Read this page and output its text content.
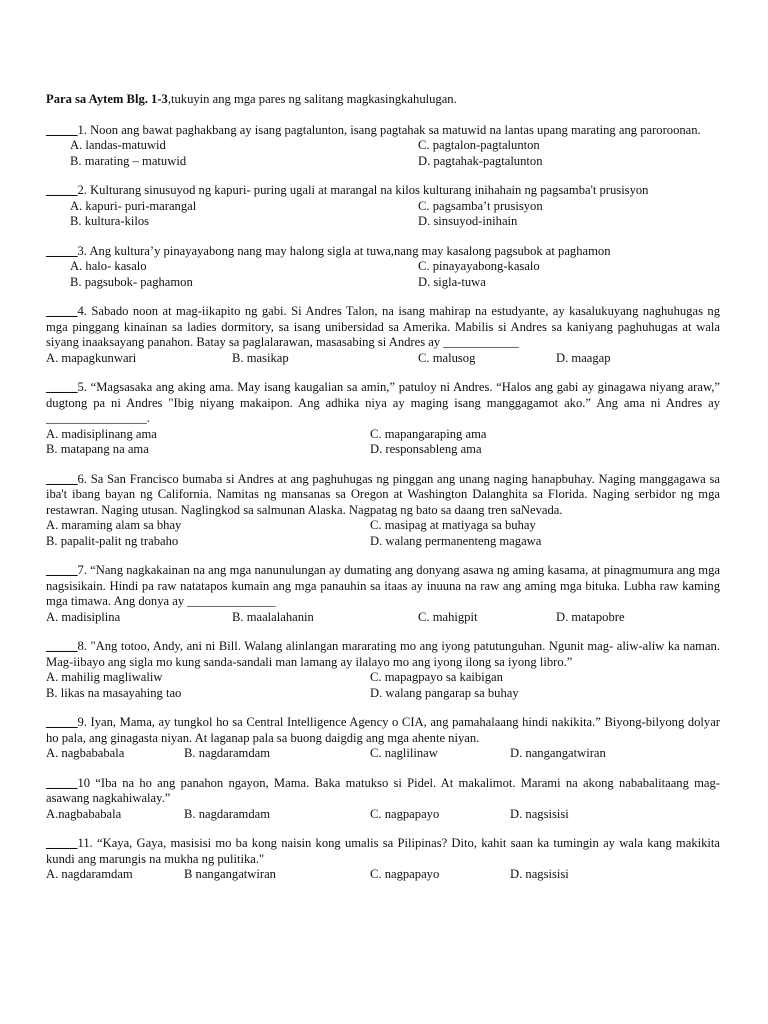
Para sa Aytem Blg. 1-3,tukuyin ang mga pares ng salitang magkasingkahulugan.

_____1. Noon ang bawat paghakbang ay isang pagtalunton, isang pagtahak sa matuwid na lantas upang marating ang paroroonan.
A. landas-matuwid	C. pagtalon-pagtalunton
B. marating – matuwid	D. pagtahak-pagtalunton
_____2. Kulturang sinusuyod ng kapuri- puring ugali at marangal na kilos kulturang inihahain ng pagsamba't prusisyon
A. kapuri- puri-marangal	C. pagsamba’t prusisyon
B. kultura-kilos	D. sinsuyod-inihain
_____3. Ang kultura’y pinayayabong nang may halong sigla at tuwa,nang may kasalong pagsubok at paghamon
A. halo- kasalo	C. pinayayabong-kasalo
B. pagsubok- paghamon	D. sigla-tuwa
_____4. Sabado noon at mag-iikapito ng gabi. Si Andres Talon, na isang mahirap na estudyante, ay kasalukuyang naghuhugas ng mga pinggang kinainan sa ladies dormitory, sa isang unibersidad sa Amerika. Mabilis si Andres sa kaniyang paghuhugas at wala siyang inaaksayang panahon. Batay sa paglalarawan, masasabing si Andres ay ____________
A. mapagkunwari	B. masikap	C. malusog	D. maagap
_____5. “Magsasaka ang aking ama. May isang kaugalian sa amin,” patuloy ni Andres. “Halos ang gabi ay ginagawa niyang araw,” dugtong pa ni Andres "Ibig niyang makaipon. Ang adhika niya ay maging isang manggagamot ako.” Ang ama ni Andres ay ________________.
A. madisiplinang ama	C. mapangaraping ama
B. matapang na ama	D. responsableng ama
_____6. Sa San Francisco bumaba si Andres at ang paghuhugas ng pinggan ang unang naging hanapbuhay. Naging manggagawa sa iba't ibang bayan ng California. Namitas ng mansanas sa Oregon at Washington Dalanghita sa Florida. Naging serbidor ng mga restawran. Naging utusan. Naglingkod sa salmunan Alaska. Nagpatag ng bato sa daang tren saNevada.
A. maraming alam sa bhay	C. masipag at matiyaga sa buhay
B. papalit-palit ng trabaho	D. walang permanenteng magawa
_____7. “Nang nagkakainan na ang mga nanunulungan ay dumating ang donyang asawa ng aming kasama, at pinagmumura ang mga nagsisikain. Hindi pa raw natatapos kumain ang mga panauhin sa itaas ay inuuna na raw ang aming mga bituka. Lubha raw kaming mga timawa. Ang donya ay ______________
A. madisiplina	B. maalalahanin	C. mahigpit	D. matapobre
_____8. "Ang totoo, Andy, ani ni Bill. Walang alinlangan mararating mo ang iyong patutunguhan. Ngunit mag- aliw-aliw ka naman. Mag-iibayo ang sigla mo kung sanda-sandali man lamang ay ilalayo mo ang iyong ilong sa iyong libro.”
A. mahilig magliwaliw	C. mapagpayo sa kaibigan
B. likas na masayahing tao	D. walang pangarap sa buhay
_____9. Iyan, Mama, ay tungkol ho sa Central Intelligence Agency o CIA, ang pamahalaang hindi nakikita.” Biyong-bilyong dolyar ho pala, ang ginagasta niyan. At laganap pala sa buong daigdig ang mga ahente niyan.
A. nagbababala	B. nagdaramdam	C. naglilinaw	D. nangangatwiran
_____10 “Iba na ho ang panahon ngayon, Mama. Baka matukso si Pidel. At makalimot. Marami na akong nababalitaang mag-asawang nagkahiwalay.”
A.nagbababala	B. nagdaramdam	C. nagpapayo	D. nagsisisi
_____11. “Kaya, Gaya, masisisi mo ba kong naisin kong umalis sa Pilipinas? Dito, kahit saan ka tumingin ay wala kang makikita kundi ang marungis na mukha ng pulitika."
A. nagdaramdam	B nangangatwiran	C. nagpapayo	D. nagsisisi
